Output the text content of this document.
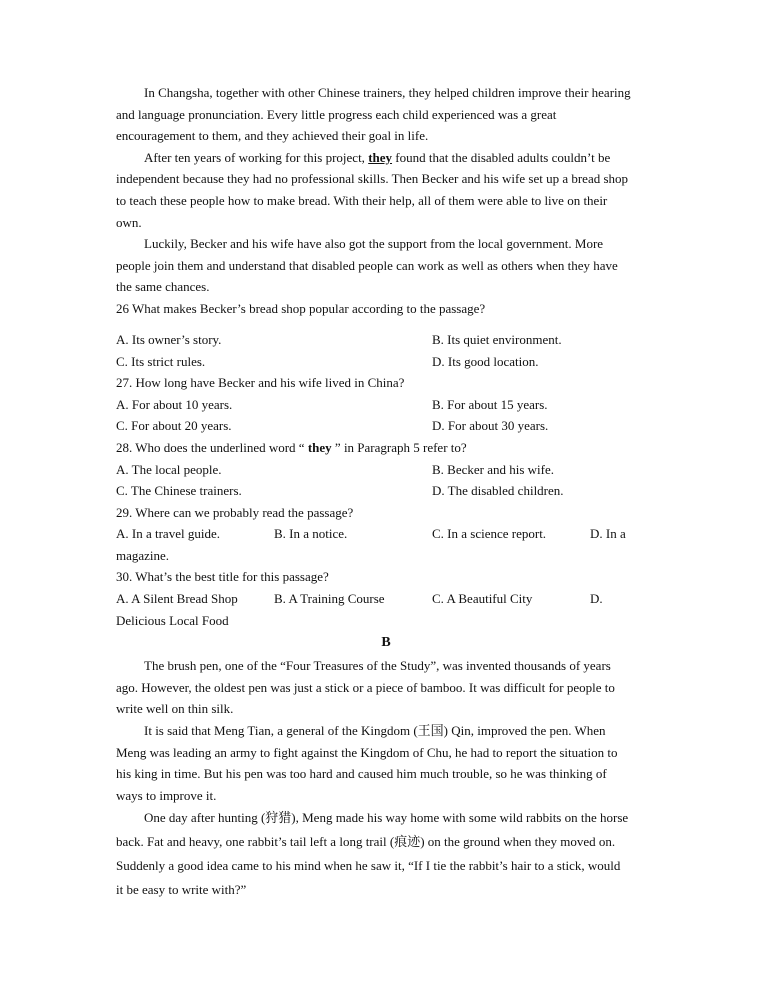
In Changsha, together with other Chinese trainers, they helped children improve their hearing
and language pronunciation. Every little progress each child experienced was a great
encouragement to them, and they achieved their goal in life.
After ten years of working for this project, they found that the disabled adults couldn’t be
independent because they had no professional skills. Then Becker and his wife set up a bread shop
to teach these people how to make bread. With their help, all of them were able to live on their
own.
Luckily, Becker and his wife have also got the support from the local government. More
people join them and understand that disabled people can work as well as others when they have
the same chances.
26 What makes Becker’s bread shop popular according to the passage?
A. Its owner’s story.	B. Its quiet environment.
C. Its strict rules.	D. Its good location.
27. How long have Becker and his wife lived in China?
A. For about 10 years.	B. For about 15 years.
C. For about 20 years.	D. For about 30 years.
28. Who does the underlined word “ they ” in Paragraph 5 refer to?
A. The local people.	B. Becker and his wife.
C. The Chinese trainers.	D. The disabled children.
29. Where can we probably read the passage?
A. In a travel guide.	B. In a notice.	C. In a science report.	D. In a
magazine.
30. What’s the best title for this passage?
A. A Silent Bread Shop	B. A Training Course	C. A Beautiful City	D.
Delicious Local Food
B
The brush pen, one of the “Four Treasures of the Study”, was invented thousands of years
ago. However, the oldest pen was just a stick or a piece of bamboo. It was difficult for people to
write well on thin silk.
It is said that Meng Tian, a general of the Kingdom (王国) Qin, improved the pen. When
Meng was leading an army to fight against the Kingdom of Chu, he had to report the situation to
his king in time. But his pen was too hard and caused him much trouble, so he was thinking of
ways to improve it.
One day after hunting (狩猎), Meng made his way home with some wild rabbits on the horse
back. Fat and heavy, one rabbit’s tail left a long trail (痕迹) on the ground when they moved on.
Suddenly a good idea came to his mind when he saw it, “If I tie the rabbit’s hair to a stick, would
it be easy to write with?”
